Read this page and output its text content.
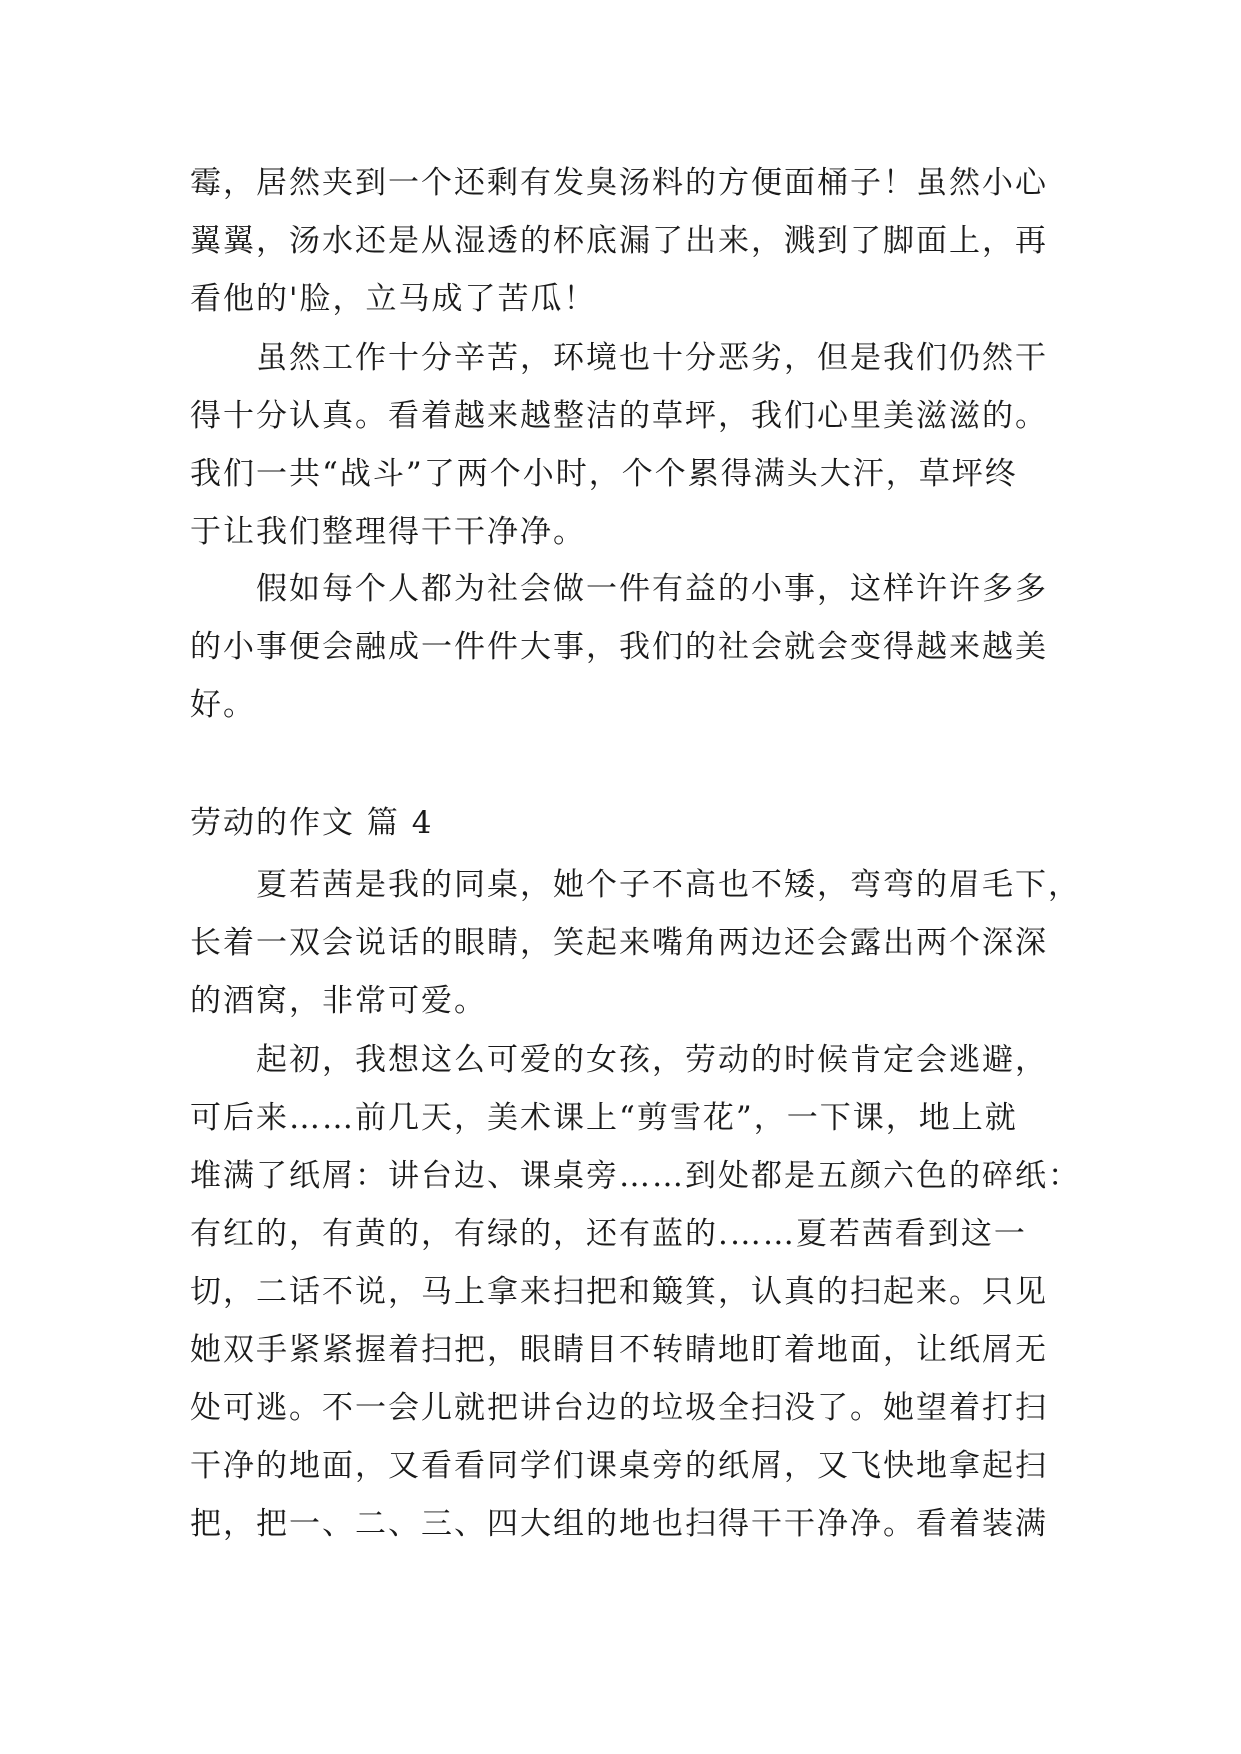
霉，居然夹到一个还剩有发臭汤料的方便面桶子！虽然小心
翼翼，汤水还是从湿透的杯底漏了出来，溅到了脚面上，再
看他的'脸，立马成了苦瓜！
　　虽然工作十分辛苦，环境也十分恶劣，但是我们仍然干
得十分认真。看着越来越整洁的草坪，我们心里美滋滋的。
我们一共“战斗”了两个小时，个个累得满头大汗，草坪终
于让我们整理得干干净净。
　　假如每个人都为社会做一件有益的小事，这样许许多多
的小事便会融成一件件大事，我们的社会就会变得越来越美
好。
劳动的作文 篇 4
　　夏若茜是我的同桌，她个子不高也不矮，弯弯的眉毛下，
长着一双会说话的眼睛，笑起来嘴角两边还会露出两个深深
的酒窝，非常可爱。
　　起初，我想这么可爱的女孩，劳动的时候肯定会逃避，
可后来……前几天，美术课上“剪雪花”，一下课，地上就
堆满了纸屑：讲台边、课桌旁……到处都是五颜六色的碎纸：
有红的，有黄的，有绿的，还有蓝的.……夏若茜看到这一
切，二话不说，马上拿来扫把和簸箕，认真的扫起来。只见
她双手紧紧握着扫把，眼睛目不转睛地盯着地面，让纸屑无
处可逃。不一会儿就把讲台边的垃圾全扫没了。她望着打扫
干净的地面，又看看同学们课桌旁的纸屑，又飞快地拿起扫
把，把一、二、三、四大组的地也扫得干干净净。看着装满
